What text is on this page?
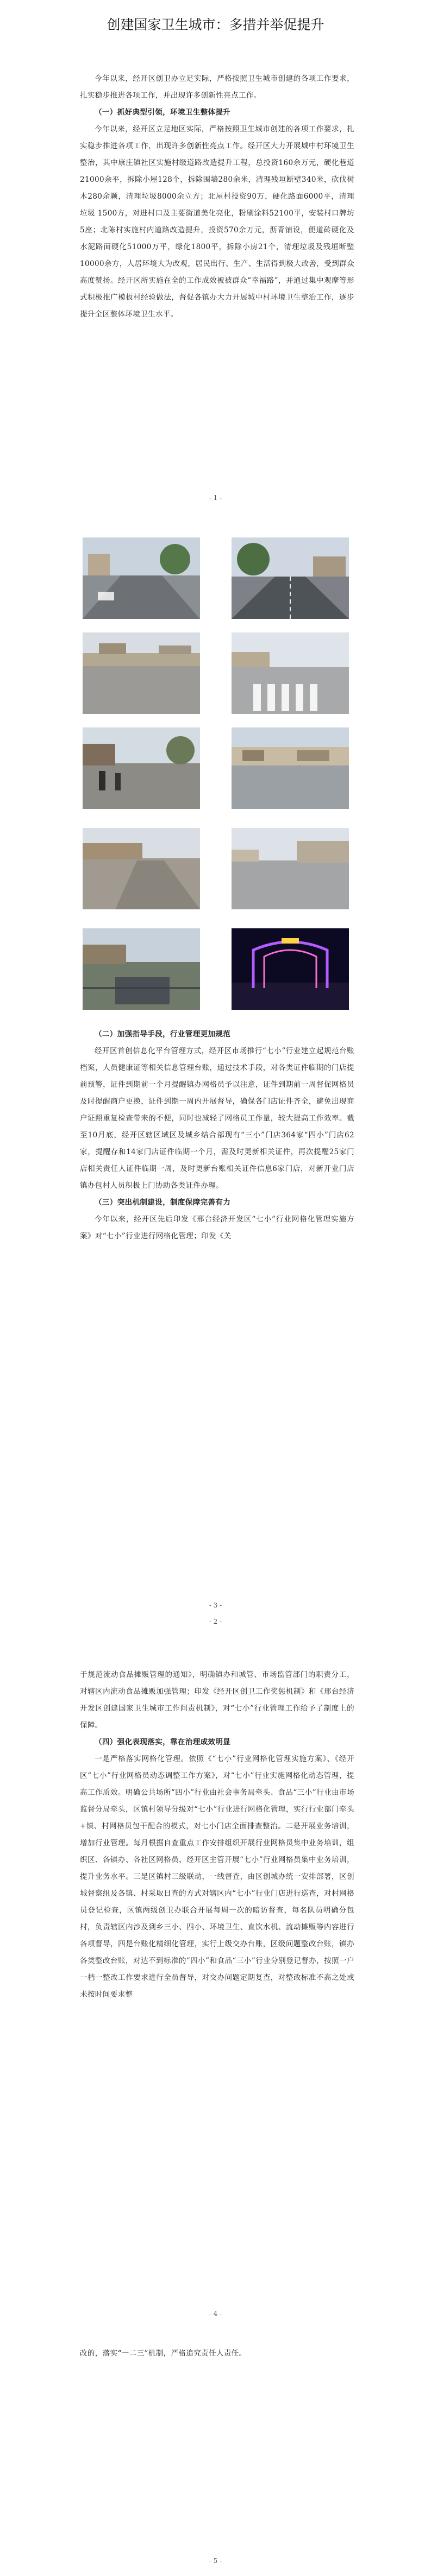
创建国家卫生城市：多措并举促提升

今年以来，经开区创卫办立足实际，严格按照卫生城市创建的各项工作要求，扎实稳步推进各项工作，并出现许多创新性亮点工作。

（一）抓好典型引领，环境卫生整体提升

今年以来，经开区立足地区实际，严格按照卫生城市创建的各项工作要求，扎实稳步推进各项工作，出现许多创新性亮点工作。经开区大力开展城中村环境卫生整治，其中康庄镇社区实施村级道路改造提升工程，总投资160余万元，硬化巷道21000余平，拆除小屋128个，拆除围墙280余米，清理残垣断壁340米，砍伐树木280余颗，清理垃圾8000余立方；北屋村投资90万，硬化路面6000平，清理垃圾 1500方，对进村口及主要街道美化亮化，粉刷涂料52100平，安装村口牌坊5座；北陈村实施村内道路改造提升，投资570余万元，沥青铺设，便道砖硬化及水泥路面硬化51000万平，绿化1800平，拆除小房21个，清理垃圾及残垣断壁10000余方，人居环境大为改观，居民出行、生产、生活得到极大改善，受到群众高度赞扬。经开区所实施在全的工作成效被被群众“幸福路”，并通过集中观摩等形式积极推广模板村经验做法，督促各镇办大力开展城中村环境卫生整治工作，逐步提升全区整体环境卫生水平。

- 1 -

（二）加强指导手段，行业管理更加规范

经开区首创信息化平台管理方式，经开区市场推行“七小”行业建立起规范台账档案，人员健康证等相关信息管理台账，通过技术手段，对各类证件临期的门店提前预警，证件到期前一个月提醒镇办网格员予以注意，证件到期前一周督促网格员及时提醒商户更换，证件到期一周内开展督导，确保各门店证件齐全，避免出现商户证照重复检查带来的不便，同时也减轻了网格员工作量，较大提高工作效率。截至10月底，经开区辖区域区及城乡结合部现有“三小”门店364家“四小”门店62家，提醒存和14家门店证件临期一个月，需及时更新相关证件，再次提醒25家门店相关责任人证件临期一周，及时更新台账相关证件信息6家门店，对新开业门店镇办包村人员积极上门协助各类证件办理。

（三）突出机制建设，制度保障完善有力

今年以来，经开区先后印发《邢台经济开发区“七小”行业网格化管理实施方案》对“七小”行业进行网格化管理；印发《关

- 2 -
- 3 -

于规范流动食品摊贩管理的通知》，明确镇办和城管、市场监管部门的职责分工，对辖区内流动食品摊贩加强管理；印发《经开区创卫工作奖惩机制》和《邢台经济开发区创建国家卫生城市工作问责机制》，对“七小”行业管理工作给予了制度上的保障。

（四）强化表现落实，靠在治理成效明显

一是严格落实网格化管理。依照《“七小”行业网格化管理实施方案》、《经开区“七小”行业网格员动态调整工作方案》，对“七小”行业实施网格化动态管理，提高工作质效。明确公共场所“四小”行业由社会事务局牵头、食品“三小”行业由市场监督分局牵头，区镇村领导分级对“七小”行业进行网格化管理，实行行业部门牵头+镇、村网格员包干配合的模式，对七小门店全面排查整治。二是开展业务培训，增加行业管理。每月根据自查重点工作安排组织开展行业网格员集中业务培训，组织区、各镇办、各社区网格员、经开区主管开展“七小”行业网格员集中业务培训，提升业务水平。三是区镇村三级联动，一线督查，由区创城办统一安排部署，区创城督察组及各镇、村采取日查的方式对辖区内“七小”行业门店进行巡查，对村网格员登记检查，区镇两级创卫办联合开展每周一次的暗访督查，每名队员明确分包村，负责辖区内沙及到乡三小、四小、环境卫生、直饮水机、流动摊贩等内容进行各项督导，四是台账化精细化管理，实行上级交办台账，区级问题整改台账，镇办各类整改台账，对达不到标准的“四小”和食品“三小”行业分别登记督办，按照一户一档一整改工作要求进行全员督导，对交办问题定期复查，对整改标准不高之处或未按时间要求整

- 4 -

改的，落实“一二三”机制，严格追究责任人责任。

- 5 -
